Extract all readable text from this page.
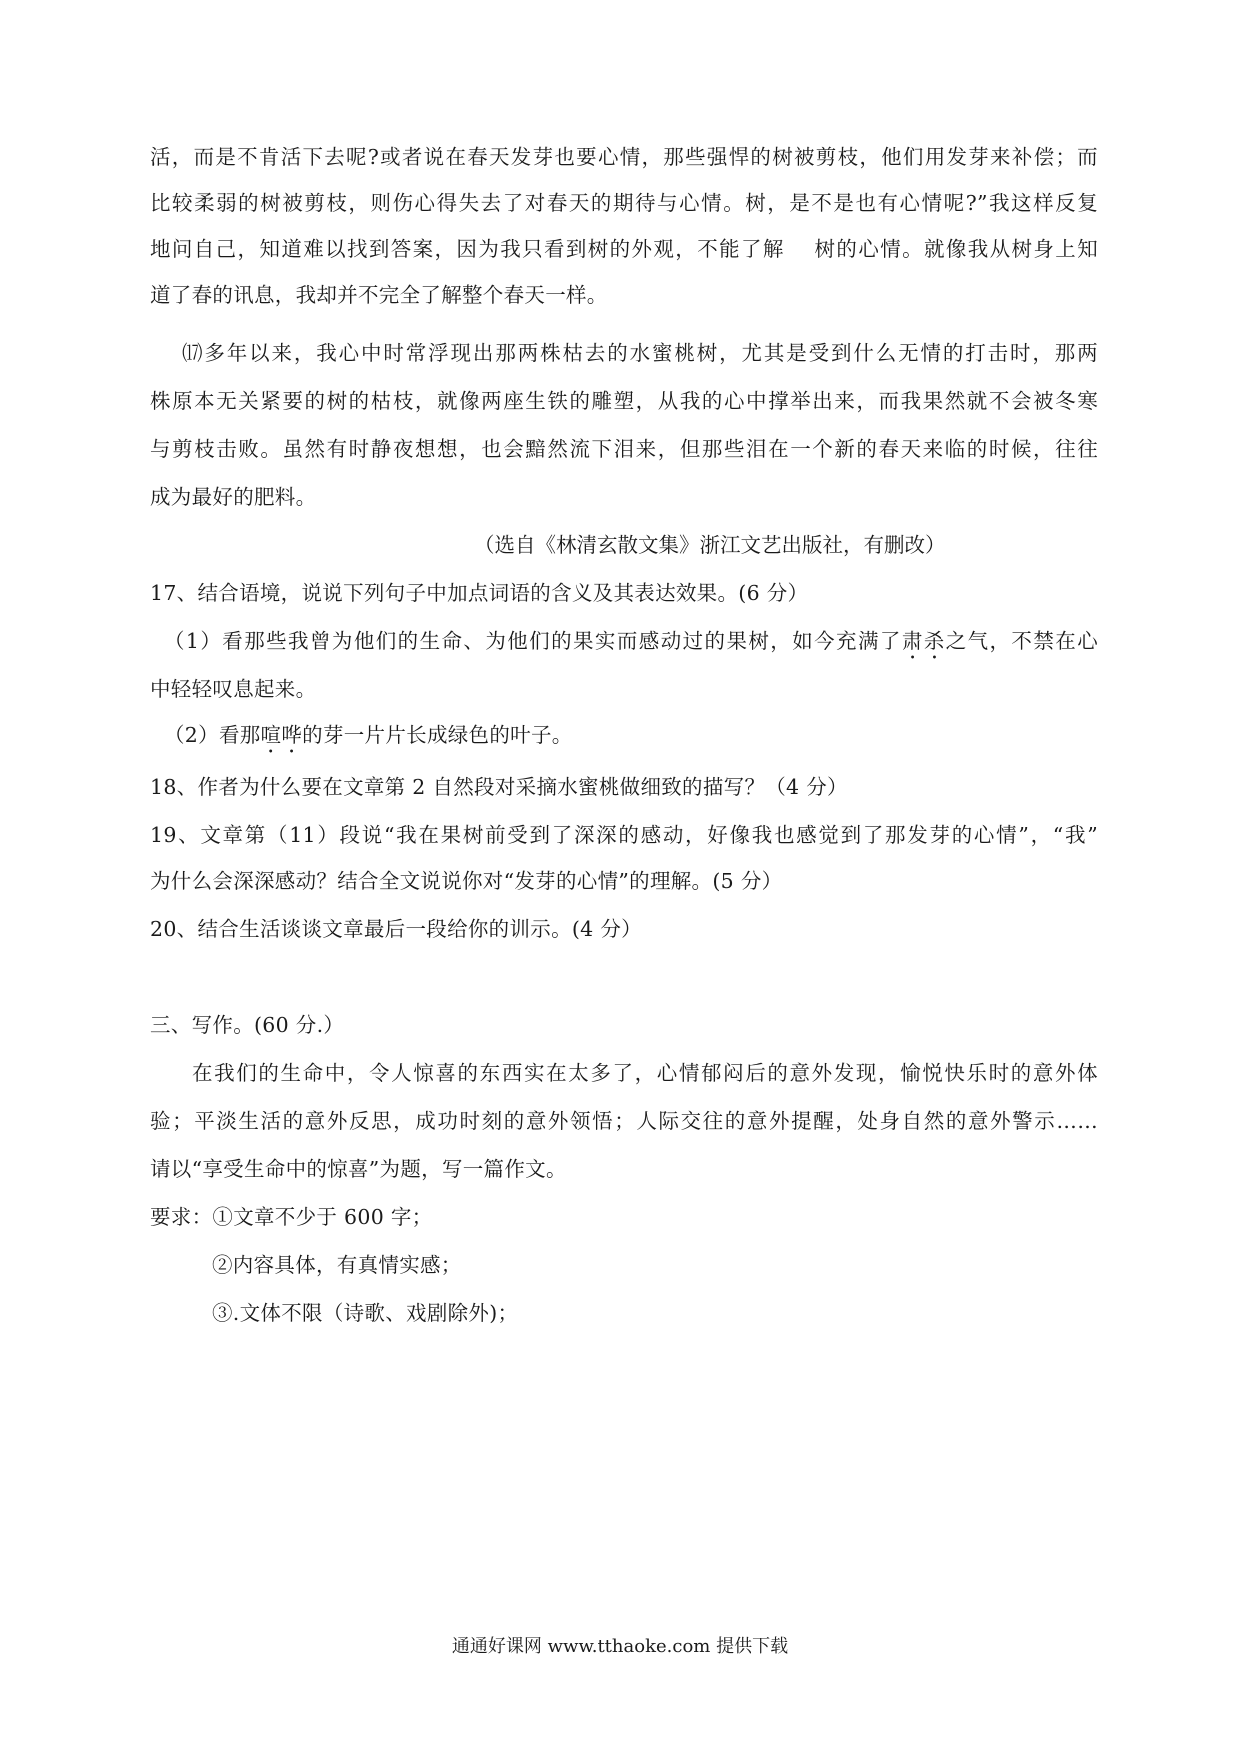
活，而是不肯活下去呢?或者说在春天发芽也要心情，那些强悍的树被剪枝，他们用发芽来补偿；而
比较柔弱的树被剪枝，则伤心得失去了对春天的期待与心情。树，是不是也有心情呢?”我这样反复
地问自己，知道难以找到答案，因为我只看到树的外观，不能了解　 树的心情。就像我从树身上知
道了春的讯息，我却并不完全了解整个春天一样。
⒄多年以来，我心中时常浮现出那两株枯去的水蜜桃树，尤其是受到什么无情的打击时，那两
株原本无关紧要的树的枯枝，就像两座生铁的雕塑，从我的心中撑举出来，而我果然就不会被冬寒
与剪枝击败。虽然有时静夜想想，也会黯然流下泪来，但那些泪在一个新的春天来临的时候，往往
成为最好的肥料。
（选自《林清玄散文集》浙江文艺出版社，有删改）
17、结合语境，说说下列句子中加点词语的含义及其表达效果。(6 分）
（1）看那些我曾为他们的生命、为他们的果实而感动过的果树，如今充满了肃杀之气，不禁在心
中轻轻叹息起来。
（2）看那喧哗的芽一片片长成绿色的叶子。
18、作者为什么要在文章第 2 自然段对采摘水蜜桃做细致的描写？（4 分）
19、文章第（11）段说“我在果树前受到了深深的感动，好像我也感觉到了那发芽的心情”，“我”
为什么会深深感动？结合全文说说你对“发芽的心情”的理解。(5 分）
20、结合生活谈谈文章最后一段给你的训示。(4 分）
三、写作。(60 分.）
在我们的生命中，令人惊喜的东西实在太多了，心情郁闷后的意外发现，愉悦快乐时的意外体
验；平淡生活的意外反思，成功时刻的意外领悟；人际交往的意外提醒，处身自然的意外警示……
请以“享受生命中的惊喜”为题，写一篇作文。
要求：①文章不少于 600 字；
②内容具体，有真情实感；
③.文体不限（诗歌、戏剧除外)；
通通好课网 www.tthaoke.com 提供下载
